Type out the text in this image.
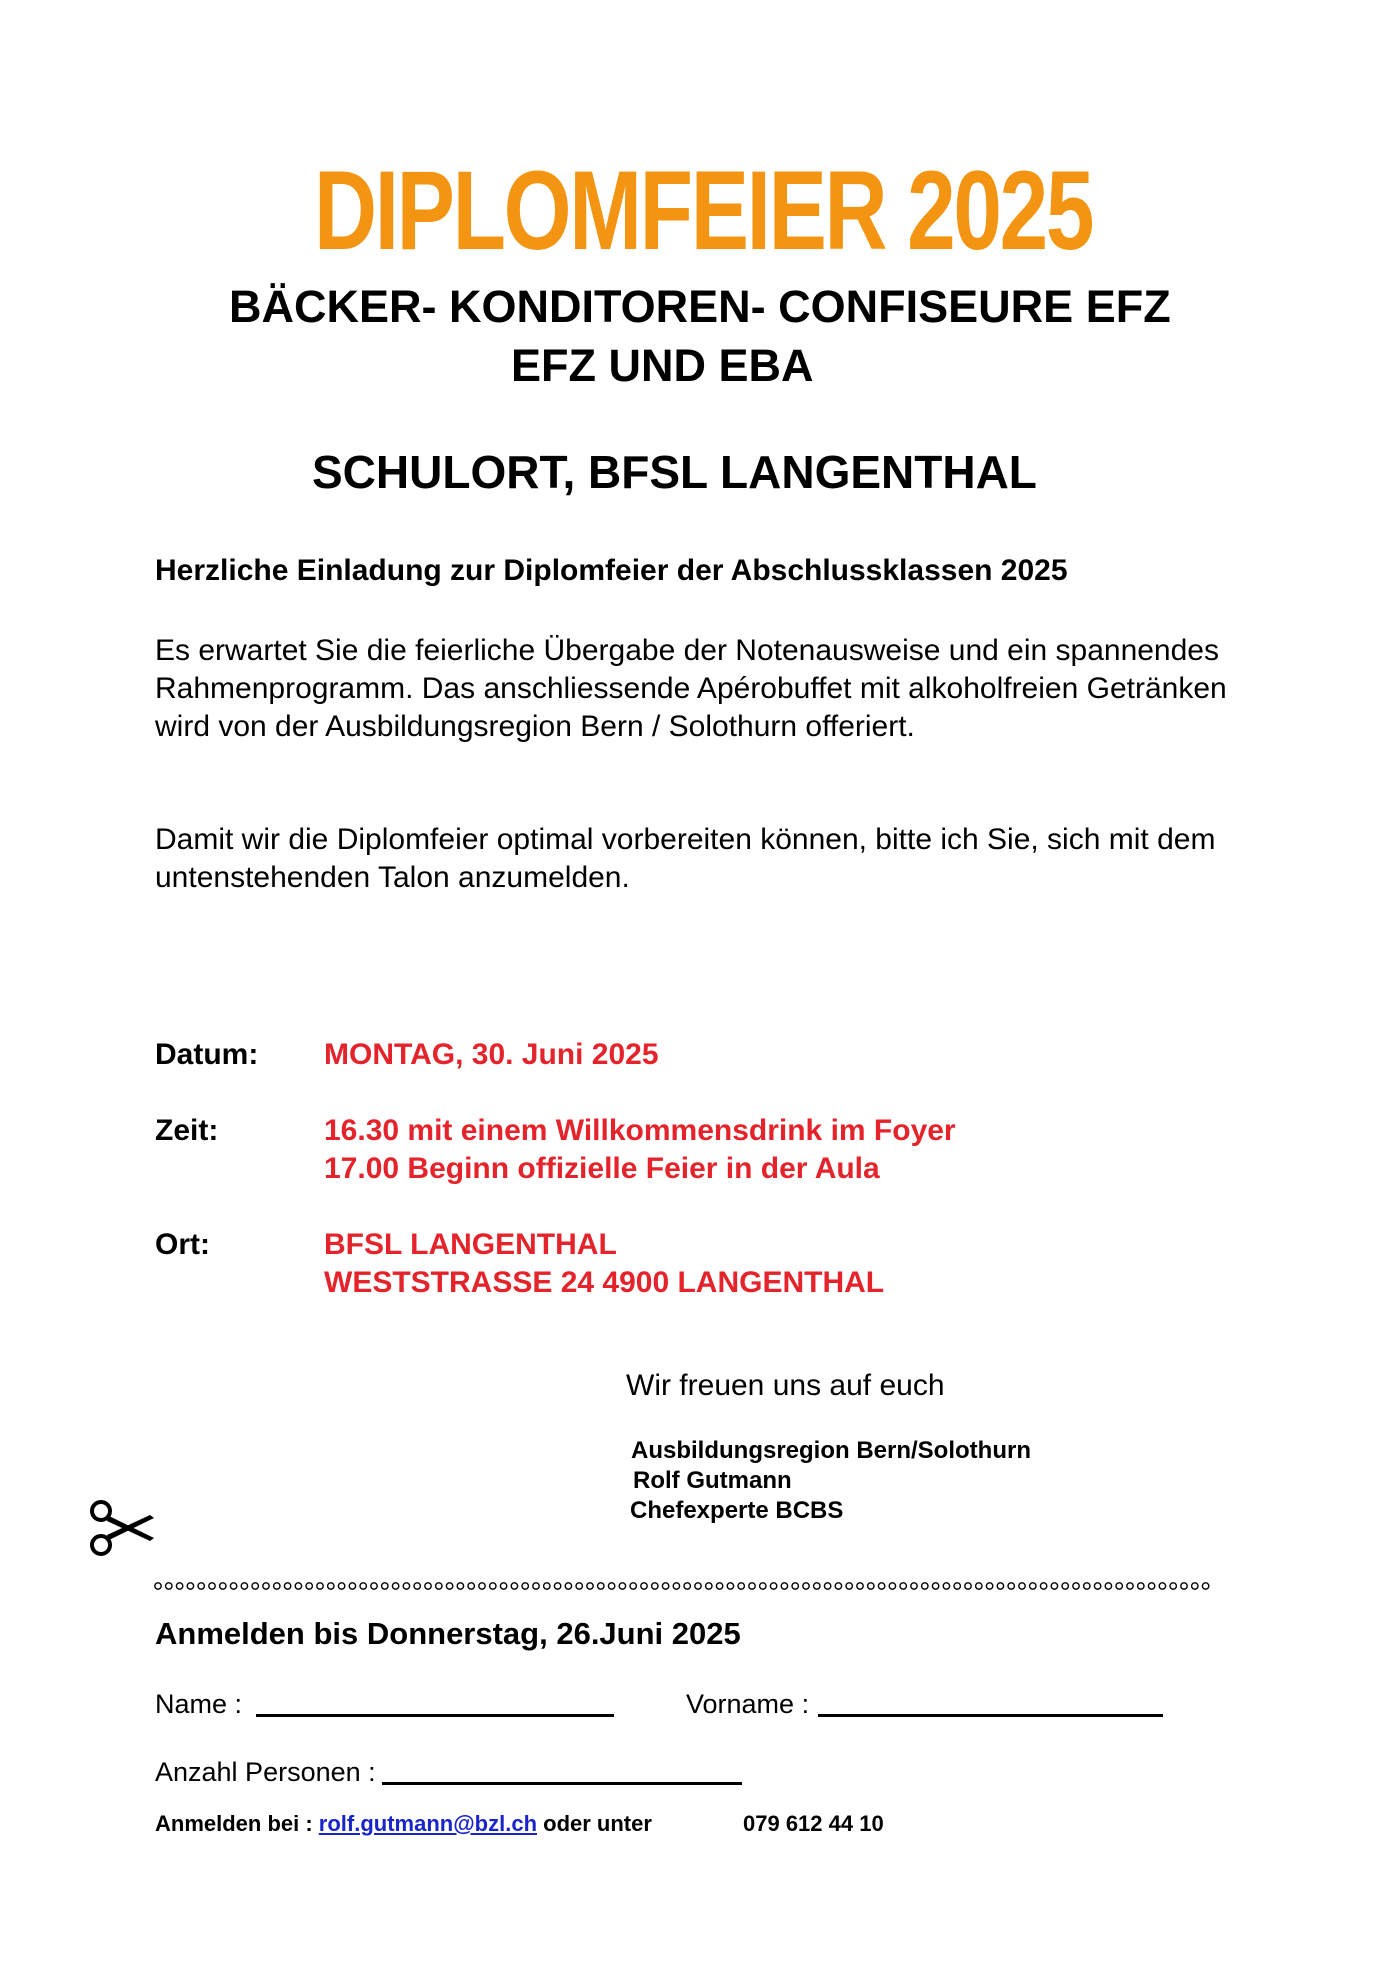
DIPLOMFEIER 2025
BÄCKER- KONDITOREN- CONFISEURE EFZ
EFZ UND EBA
SCHULORT, BFSL LANGENTHAL
Herzliche Einladung zur Diplomfeier der Abschlussklassen 2025
Es erwartet Sie die feierliche Übergabe der Notenausweise und ein spannendes Rahmenprogramm. Das anschliessende Apérobuffet mit alkoholfreien Getränken wird von der Ausbildungsregion Bern / Solothurn offeriert.
Damit wir die Diplomfeier optimal vorbereiten können, bitte ich Sie, sich mit dem untenstehenden Talon anzumelden.
Datum: MONTAG, 30. Juni 2025
Zeit:	16.30 mit einem Willkommensdrink im Foyer
17.00 Beginn offizielle Feier in der Aula
Ort:	BFSL LANGENTHAL
WESTSTRASSE 24 4900 LANGENTHAL
Wir freuen uns auf euch
Ausbildungsregion Bern/Solothurn
Rolf Gutmann
Chefexperte BCBS
Anmelden bis Donnerstag, 26.Juni 2025
Name :	Vorname :
Anzahl Personen :
Anmelden bei : rolf.gutmann@bzl.ch oder unter	079 612 44 10
